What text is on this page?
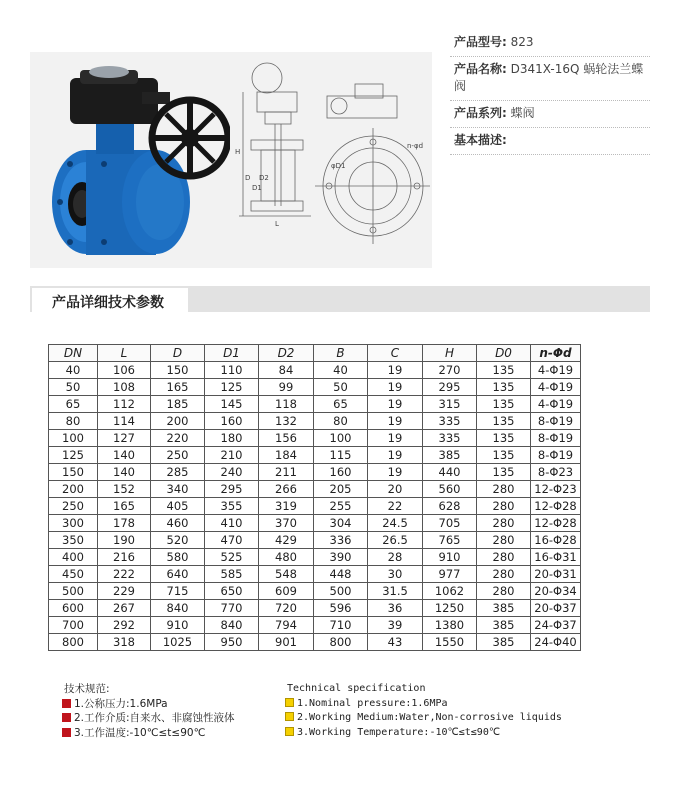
H
L
D
D1
D2
n-φd
φD1
产品型号: 823
产品名称: D341X-16Q 蜗轮法兰蝶阀
产品系列: 蝶阀
基本描述:
产品详细技术参数
DN	L	D	D1	D2	B	C	H	D0	n-Φd
40	106	150	110	84	40	19	270	135	4-Φ19
50	108	165	125	99	50	19	295	135	4-Φ19
65	112	185	145	118	65	19	315	135	4-Φ19
80	114	200	160	132	80	19	335	135	8-Φ19
100	127	220	180	156	100	19	335	135	8-Φ19
125	140	250	210	184	115	19	385	135	8-Φ19
150	140	285	240	211	160	19	440	135	8-Φ23
200	152	340	295	266	205	20	560	280	12-Φ23
250	165	405	355	319	255	22	628	280	12-Φ28
300	178	460	410	370	304	24.5	705	280	12-Φ28
350	190	520	470	429	336	26.5	765	280	16-Φ28
400	216	580	525	480	390	28	910	280	16-Φ31
450	222	640	585	548	448	30	977	280	20-Φ31
500	229	715	650	609	500	31.5	1062	280	20-Φ34
600	267	840	770	720	596	36	1250	385	20-Φ37
700	292	910	840	794	710	39	1380	385	24-Φ37
800	318	1025	950	901	800	43	1550	385	24-Φ40
技术规范:
1.公称压力:1.6MPa
2.工作介质:自来水、非腐蚀性液体
3.工作温度:-10℃≤t≤90℃
Technical specification
1.Nominal pressure:1.6MPa
2.Working Medium:Water,Non-corrosive liquids
3.Working Temperature:-10℃≤t≤90℃
